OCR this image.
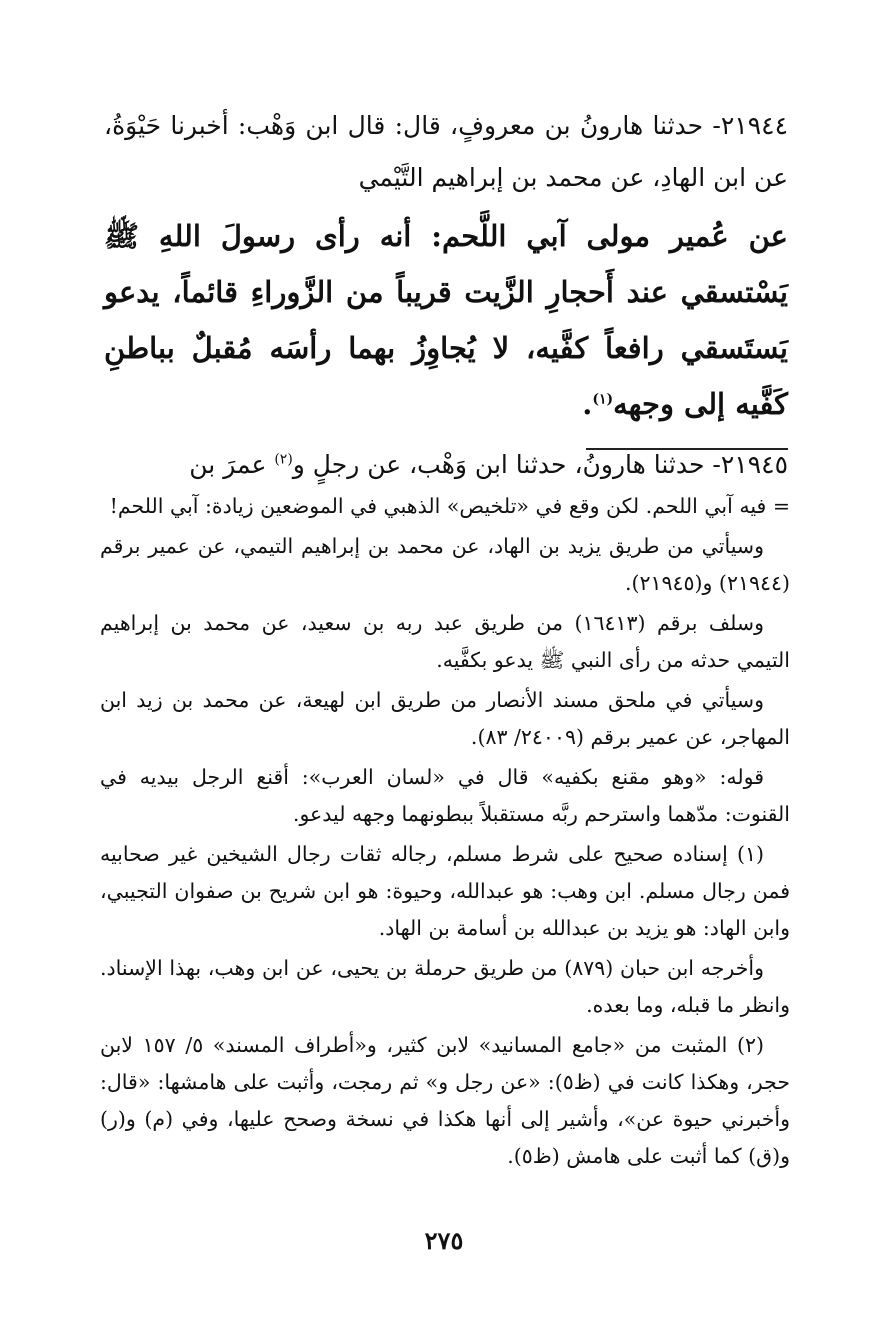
٢١٩٤٤- حدثنا هارونُ بن معروفٍ، قال: قال ابن وَهْب: أخبرنا حَيْوَةُ، عن ابن الهادِ، عن محمد بن إبراهيم التَّيْمي

عن عُمير مولى آبي اللَّحم: أنه رأى رسولَ اللهِ ﷺ يَسْتسقي عند أَحجارِ الزَّيت قريباً من الزَّوراءِ قائماً، يدعو يَستَسقي رافعاً كفَّيه، لا يُجاوِزُ بهما رأسَه مُقبلٌ بباطنِ كَفَّيه إلى وجهه$^{(١)}$.

٢١٩٤٥- حدثنا هارونُ، حدثنا ابن وَهْب، عن رجلٍ و$^{(٢)}$ عمرَ بن

= فيه آبي اللحم. لكن وقع في «تلخيص» الذهبي في الموضعين زيادة: آبي اللحم!

وسيأتي من طريق يزيد بن الهاد، عن محمد بن إبراهيم التيمي، عن عمير برقم (٢١٩٤٤) و(٢١٩٤٥).

وسلف برقم (١٦٤١٣) من طريق عبد ربه بن سعيد، عن محمد بن إبراهيم التيمي حدثه من رأى النبي ﷺ يدعو بكفَّيه.

وسيأتي في ملحق مسند الأنصار من طريق ابن لهيعة، عن محمد بن زيد ابن المهاجر، عن عمير برقم (٢٤٠٠٩/ ٨٣).

قوله: «وهو مقنع بكفيه» قال في «لسان العرب»: أقنع الرجل بيديه في القنوت: مدّهما واسترحم ربَّه مستقبلاً ببطونهما وجهه ليدعو.

(١) إسناده صحيح على شرط مسلم، رجاله ثقات رجال الشيخين غير صحابيه فمن رجال مسلم. ابن وهب: هو عبدالله، وحيوة: هو ابن شريح بن صفوان التجيبي، وابن الهاد: هو يزيد بن عبدالله بن أسامة بن الهاد.

وأخرجه ابن حبان (٨٧٩) من طريق حرملة بن يحيى، عن ابن وهب، بهذا الإسناد. وانظر ما قبله، وما بعده.

(٢) المثبت من «جامع المسانيد» لابن كثير، و«أطراف المسند» ٥/ ١٥٧ لابن حجر، وهكذا كانت في (ظ٥): «عن رجل و» ثم رمجت، وأثبت على هامشها: «قال: وأخبرني حيوة عن»، وأشير إلى أنها هكذا في نسخة وصحح عليها، وفي (م) و(ر) و(ق) كما أثبت على هامش (ظ٥).

٢٧٥
